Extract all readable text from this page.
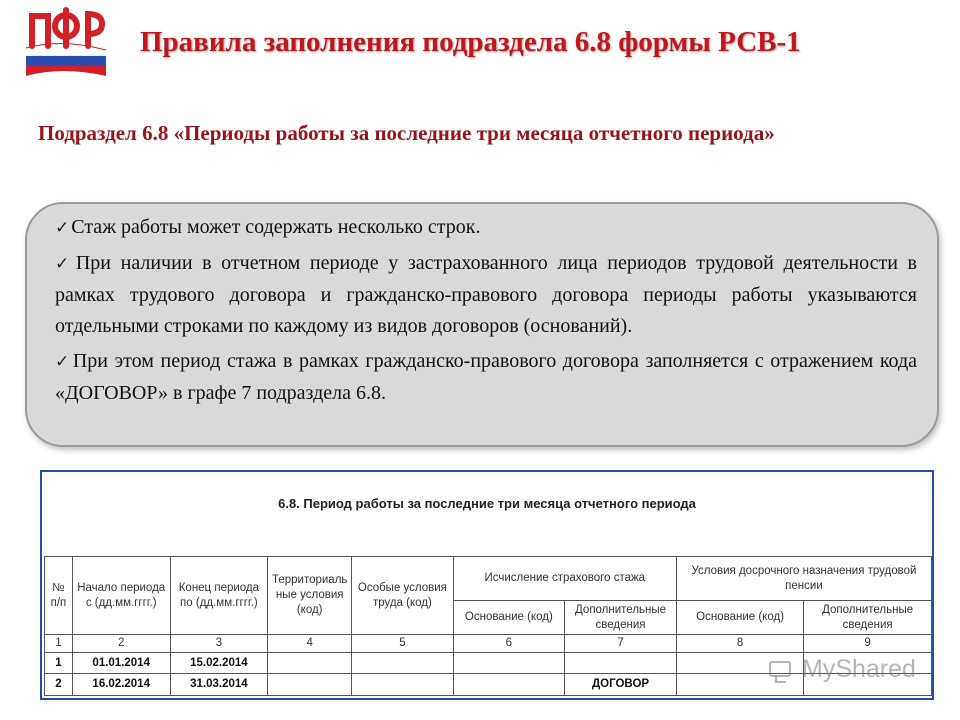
Правила заполнения подраздела 6.8 формы РСВ-1
Подраздел 6.8 «Периоды работы за последние три месяца отчетного периода»

✓ Стаж работы может содержать несколько строк.

✓ При наличии в отчетном периоде у застрахованного лица периодов трудовой деятельности в рамках трудового договора и гражданско-правового договора периоды работы указываются отдельными строками по каждому из видов договоров (оснований).

✓ При этом период стажа в рамках гражданско-правового договора заполняется с отражением кода «ДОГОВОР» в графе 7 подраздела 6.8.

6.8. Период работы за последние три месяца отчетного периода
№ п/п	Начало периода с (дд.мм.гггг.)	Конец периода по (дд.мм.гггг.)	Территориаль ные условия (код)	Особые условия труда (код)	Исчисление страхового стажа		Условия досрочного назначения трудовой пенсии	
					Основание (код)	Дополнительные сведения	Основание (код)	Дополнительные сведения
1	2	3	4	5	6	7	8	9
1	01.01.2014	15.02.2014						
2	16.02.2014	31.03.2014				ДОГОВОР		
MyShared
